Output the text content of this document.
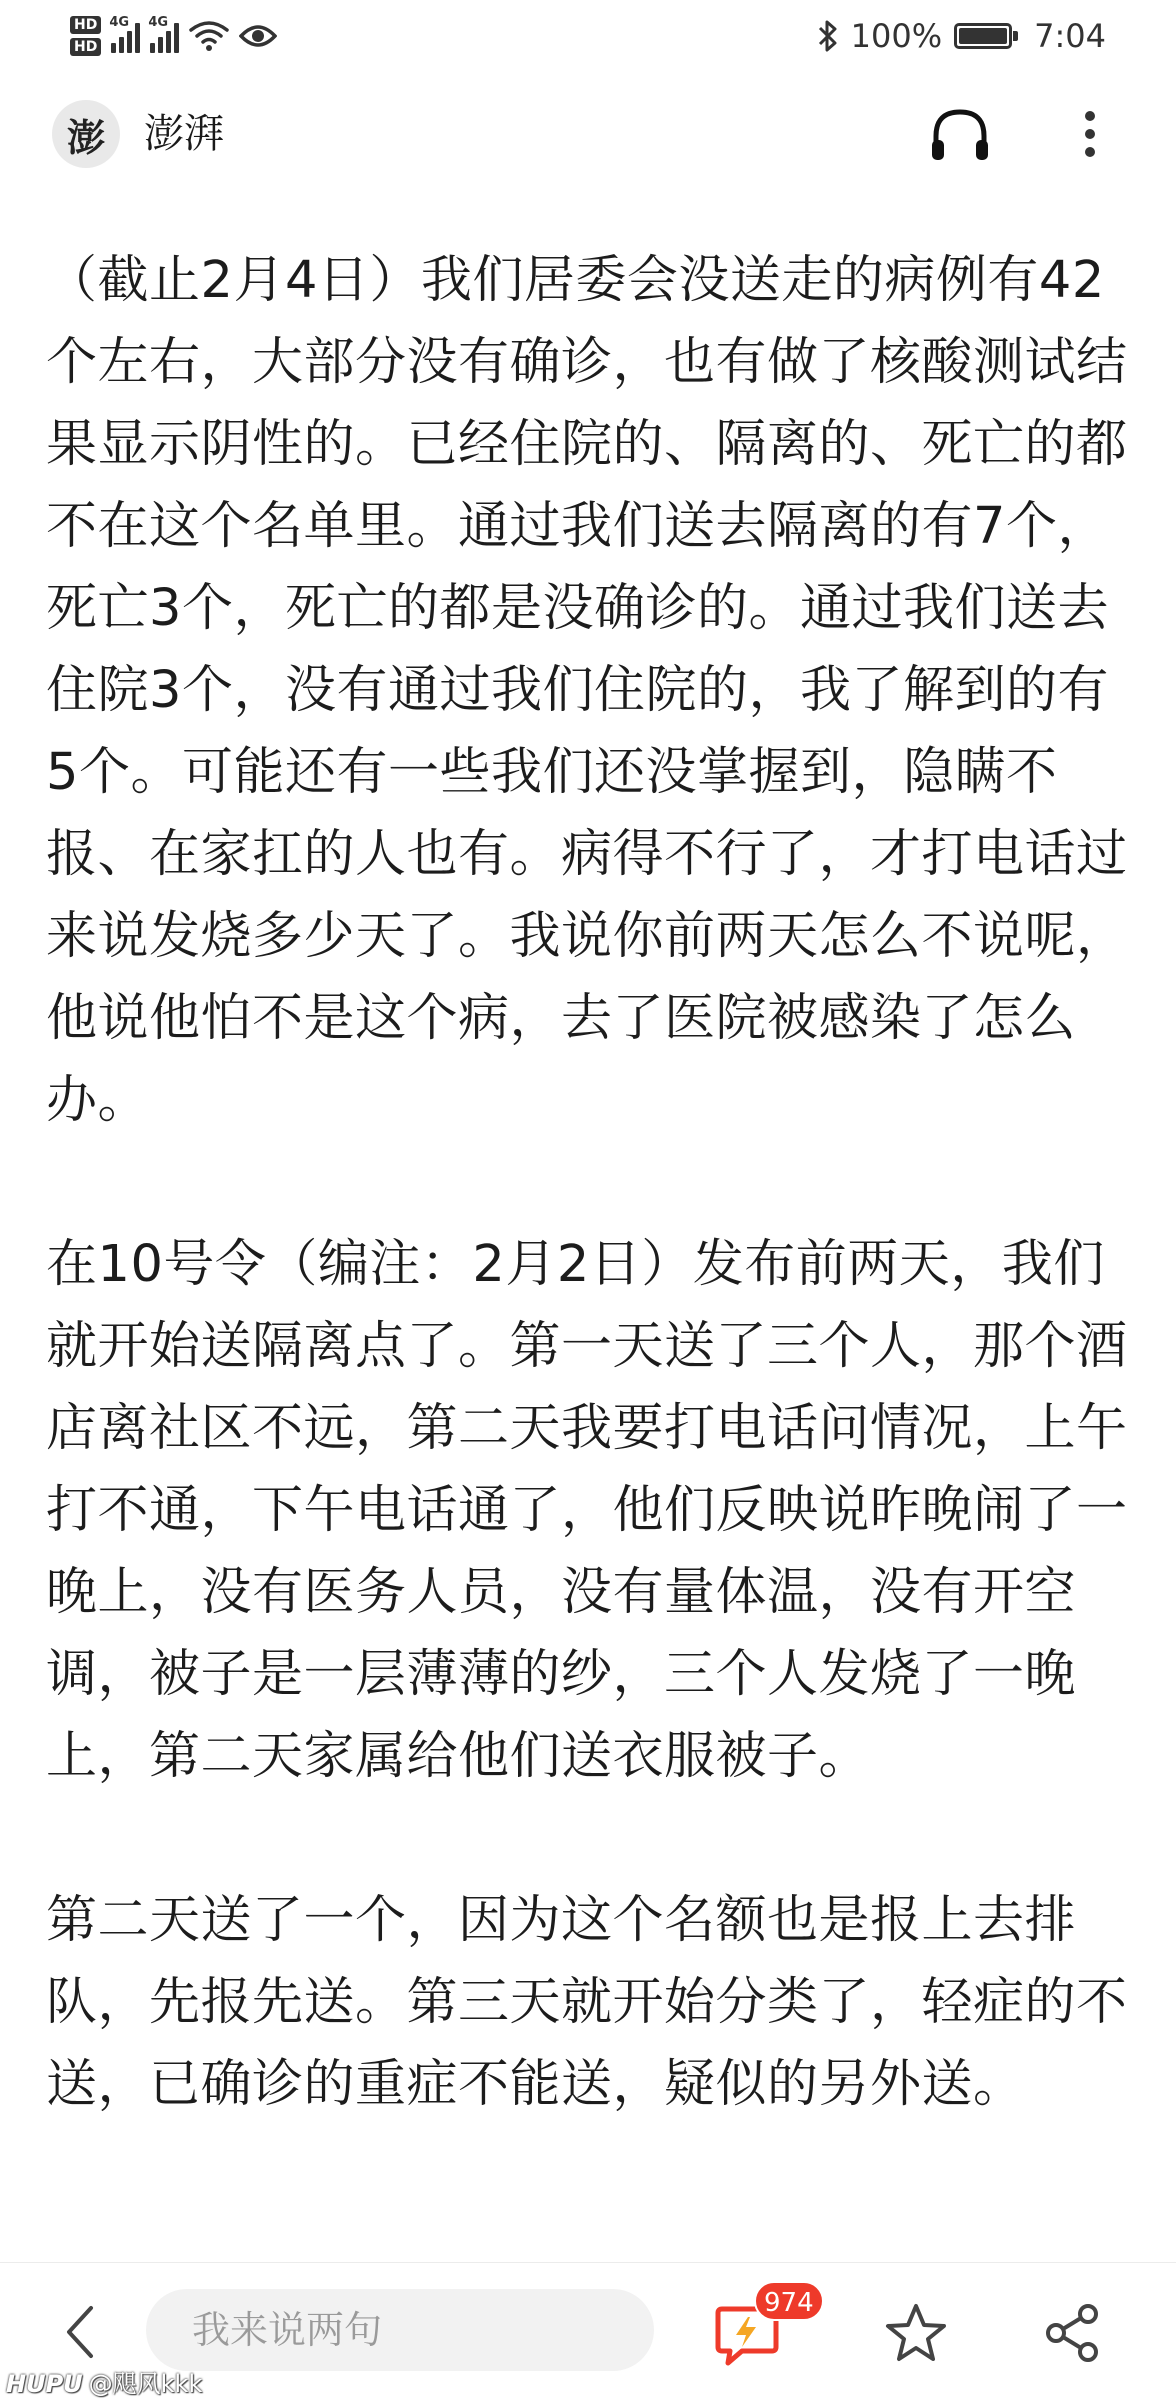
HD
HD
4G 4G	100%	7:04
澎 澎湃

（截止2月4日）我们居委会没送走的病例有42个左右，大部分没有确诊，也有做了核酸测试结果显示阴性的。已经住院的、隔离的、死亡的都不在这个名单里。通过我们送去隔离的有7个，死亡3个，死亡的都是没确诊的。通过我们送去住院3个，没有通过我们住院的，我了解到的有5个。可能还有一些我们还没掌握到，隐瞒不报、在家扛的人也有。病得不行了，才打电话过来说发烧多少天了。我说你前两天怎么不说呢，他说他怕不是这个病，去了医院被感染了怎么办。

在10号令（编注：2月2日）发布前两天，我们就开始送隔离点了。第一天送了三个人，那个酒店离社区不远，第二天我要打电话问情况，上午打不通，下午电话通了，他们反映说昨晚闹了一晚上，没有医务人员，没有量体温，没有开空调，被子是一层薄薄的纱，三个人发烧了一晚上，第二天家属给他们送衣服被子。

第二天送了一个，因为这个名额也是报上去排队，先报先送。第三天就开始分类了，轻症的不送，已确诊的重症不能送，疑似的另外送。

我来说两句
974
HUPU @飓风kkk
